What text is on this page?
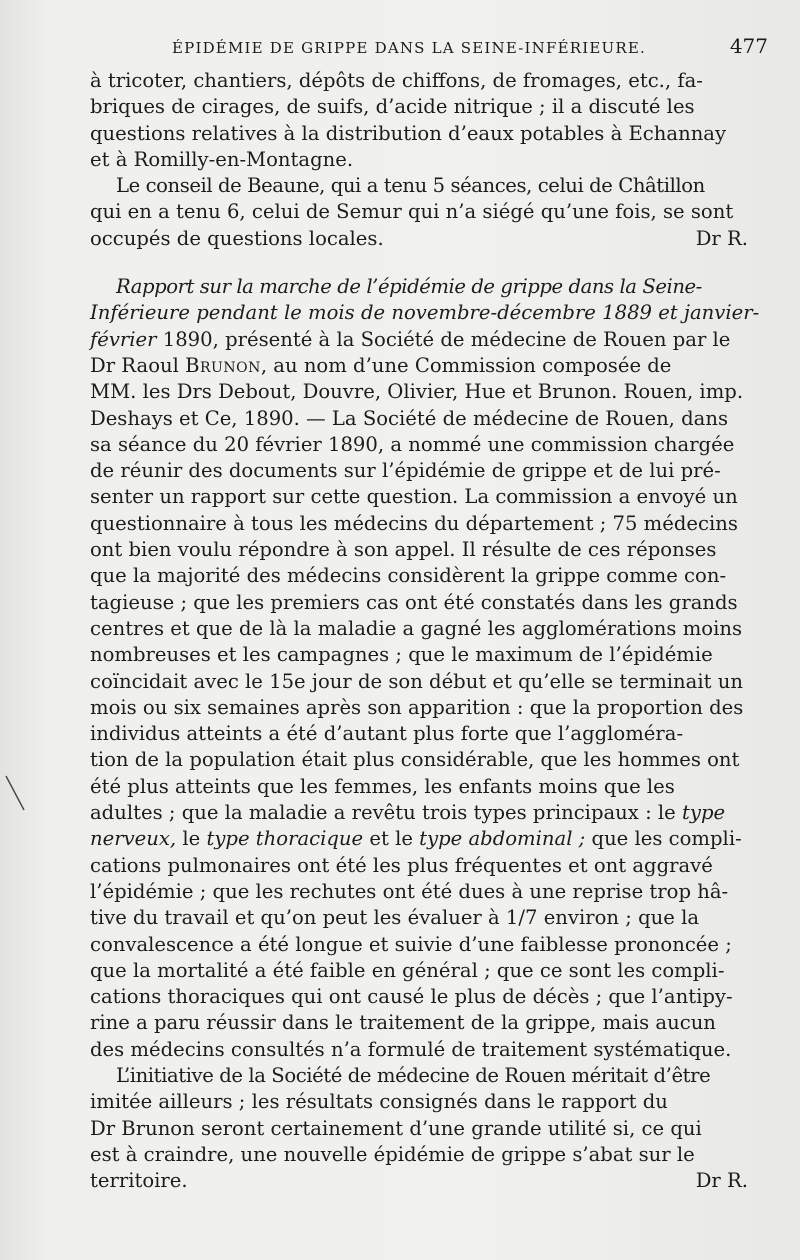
ÉPIDÉMIE DE GRIPPE DANS LA SEINE-INFÉRIEURE.	477

à tricoter, chantiers, dépôts de chiffons, de fromages, etc., fa-
briques de cirages, de suifs, d’acide nitrique ; il a discuté les
questions relatives à la distribution d’eaux potables à Echannay
et à Romilly-en-Montagne.

Le conseil de Beaune, qui a tenu 5 séances, celui de Châtillon
qui en a tenu 6, celui de Semur qui n’a siégé qu’une fois, se sont
occupés de questions locales.	Dr R.

Rapport sur la marche de l’épidémie de grippe dans la Seine-
Inférieure pendant le mois de novembre-décembre 1889 et janvier-
février 1890, présenté à la Société de médecine de Rouen par le
Dr Raoul Brunon, au nom d’une Commission composée de
MM. les Drs Debout, Douvre, Olivier, Hue et Brunon. Rouen, imp.
Deshays et Ce, 1890. — La Société de médecine de Rouen, dans
sa séance du 20 février 1890, a nommé une commission chargée
de réunir des documents sur l’épidémie de grippe et de lui pré-
senter un rapport sur cette question. La commission a envoyé un
questionnaire à tous les médecins du département ; 75 médecins
ont bien voulu répondre à son appel. Il résulte de ces réponses
que la majorité des médecins considèrent la grippe comme con-
tagieuse ; que les premiers cas ont été constatés dans les grands
centres et que de là la maladie a gagné les agglomérations moins
nombreuses et les campagnes ; que le maximum de l’épidémie
coïncidait avec le 15e jour de son début et qu’elle se terminait un
mois ou six semaines après son apparition : que la proportion des
individus atteints a été d’autant plus forte que l’aggloméra-
tion de la population était plus considérable, que les hommes ont
été plus atteints que les femmes, les enfants moins que les
adultes ; que la maladie a revêtu trois types principaux : le type
nerveux, le type thoracique et le type abdominal ; que les compli-
cations pulmonaires ont été les plus fréquentes et ont aggravé
l’épidémie ; que les rechutes ont été dues à une reprise trop hâ-
tive du travail et qu’on peut les évaluer à 1/7 environ ; que la
convalescence a été longue et suivie d’une faiblesse prononcée ;
que la mortalité a été faible en général ; que ce sont les compli-
cations thoraciques qui ont causé le plus de décès ; que l’antipy-
rine a paru réussir dans le traitement de la grippe, mais aucun
des médecins consultés n’a formulé de traitement systématique.

L’initiative de la Société de médecine de Rouen méritait d’être
imitée ailleurs ; les résultats consignés dans le rapport du
Dr Brunon seront certainement d’une grande utilité si, ce qui
est à craindre, une nouvelle épidémie de grippe s’abat sur le
territoire.	Dr R.
